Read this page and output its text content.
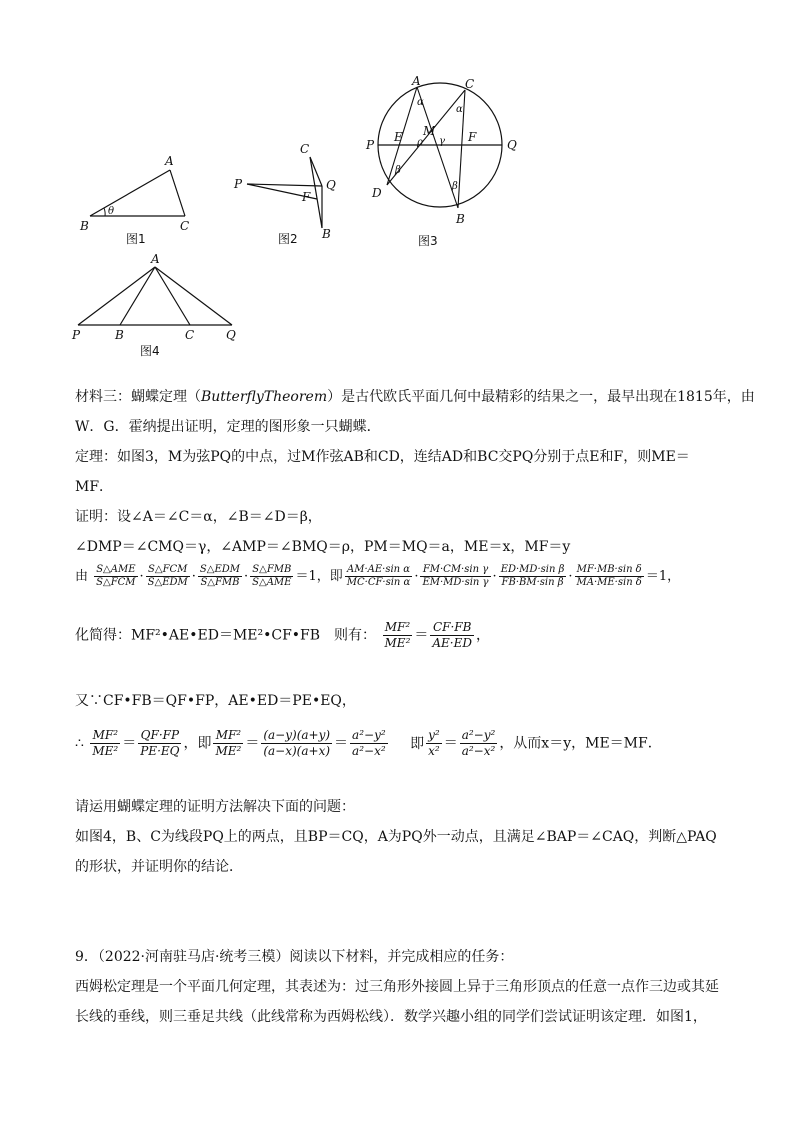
A
B	C
θ
图1
C
P	Q
F
B
图2
A	C
P
E M	F
Q
D
B
α
α
ρ γ
β
β
图3
A
P	B	C	Q
图4
材料三：蝴蝶定理（ButterflyTheorem）是古代欧氏平面几何中最精彩的结果之一，最早出现在1815年，由
W．G．霍纳提出证明，定理的图形象一只蝴蝶．
定理：如图3，M为弦PQ的中点，过M作弦AB和CD，连结AD和BC交PQ分别于点E和F，则ME＝
MF．
证明：设∠A＝∠C＝α，∠B＝∠D＝β，
∠DMP＝∠CMQ＝γ，∠AMP＝∠BMQ＝ρ，PM＝MQ＝a，ME＝x，MF＝y
由 $\frac{\text{S△AME}}{\text{S△FCM}} \cdot \frac{\text{S△FCM}}{\text{S△EDM}} \cdot \frac{\text{S△EDM}}{\text{S△FMB}} \cdot \frac{\text{S△FMB}}{\text{S△AME}} =1$，即 $\frac{\text{AM·AE·sin α}}{\text{MC·CF·sin α}} \cdot \frac{\text{FM·CM·sin γ}}{\text{EM·MD·sin γ}} \cdot \frac{\text{ED·MD·sin β}}{\text{FB·BM·sin β}} \cdot \frac{\text{MF·MB·sin δ}}{\text{MA·ME·sin δ}} =1$，
化简得：MF²•AE•ED＝ME²•CF•FB　则有： $\frac{\text{MF²}}{\text{ME²}} = \frac{CF\cdot FB}{AE\cdot ED}$ ，
又∵CF•FB＝QF•FP，AE•ED＝PE•EQ，
∴ $\frac{\text{MF²}}{\text{ME²}} = \frac{QF\cdot FP}{PE\cdot EQ}$ ，即 $\frac{\text{MF²}}{\text{ME²}} = \frac{(a-y)(a+y)}{(a-x)(a+x)} = \frac{\text{a²−y²}}{\text{a²−x²}}$ 即 $\frac{\text{y²}}{\text{x²}} = \frac{\text{a²−y²}}{\text{a²−x²}}$ ，从而x＝y，ME＝MF．
请运用蝴蝶定理的证明方法解决下面的问题：
如图4，B、C为线段PQ上的两点，且BP＝CQ，A为PQ外一动点，且满足∠BAP＝∠CAQ，判断△PAQ
的形状，并证明你的结论．
9．（2022·河南驻马店·统考三模）阅读以下材料，并完成相应的任务：
西姆松定理是一个平面几何定理，其表述为：过三角形外接圆上异于三角形顶点的任意一点作三边或其延
长线的垂线，则三垂足共线（此线常称为西姆松线）．数学兴趣小组的同学们尝试证明该定理．如图1，
